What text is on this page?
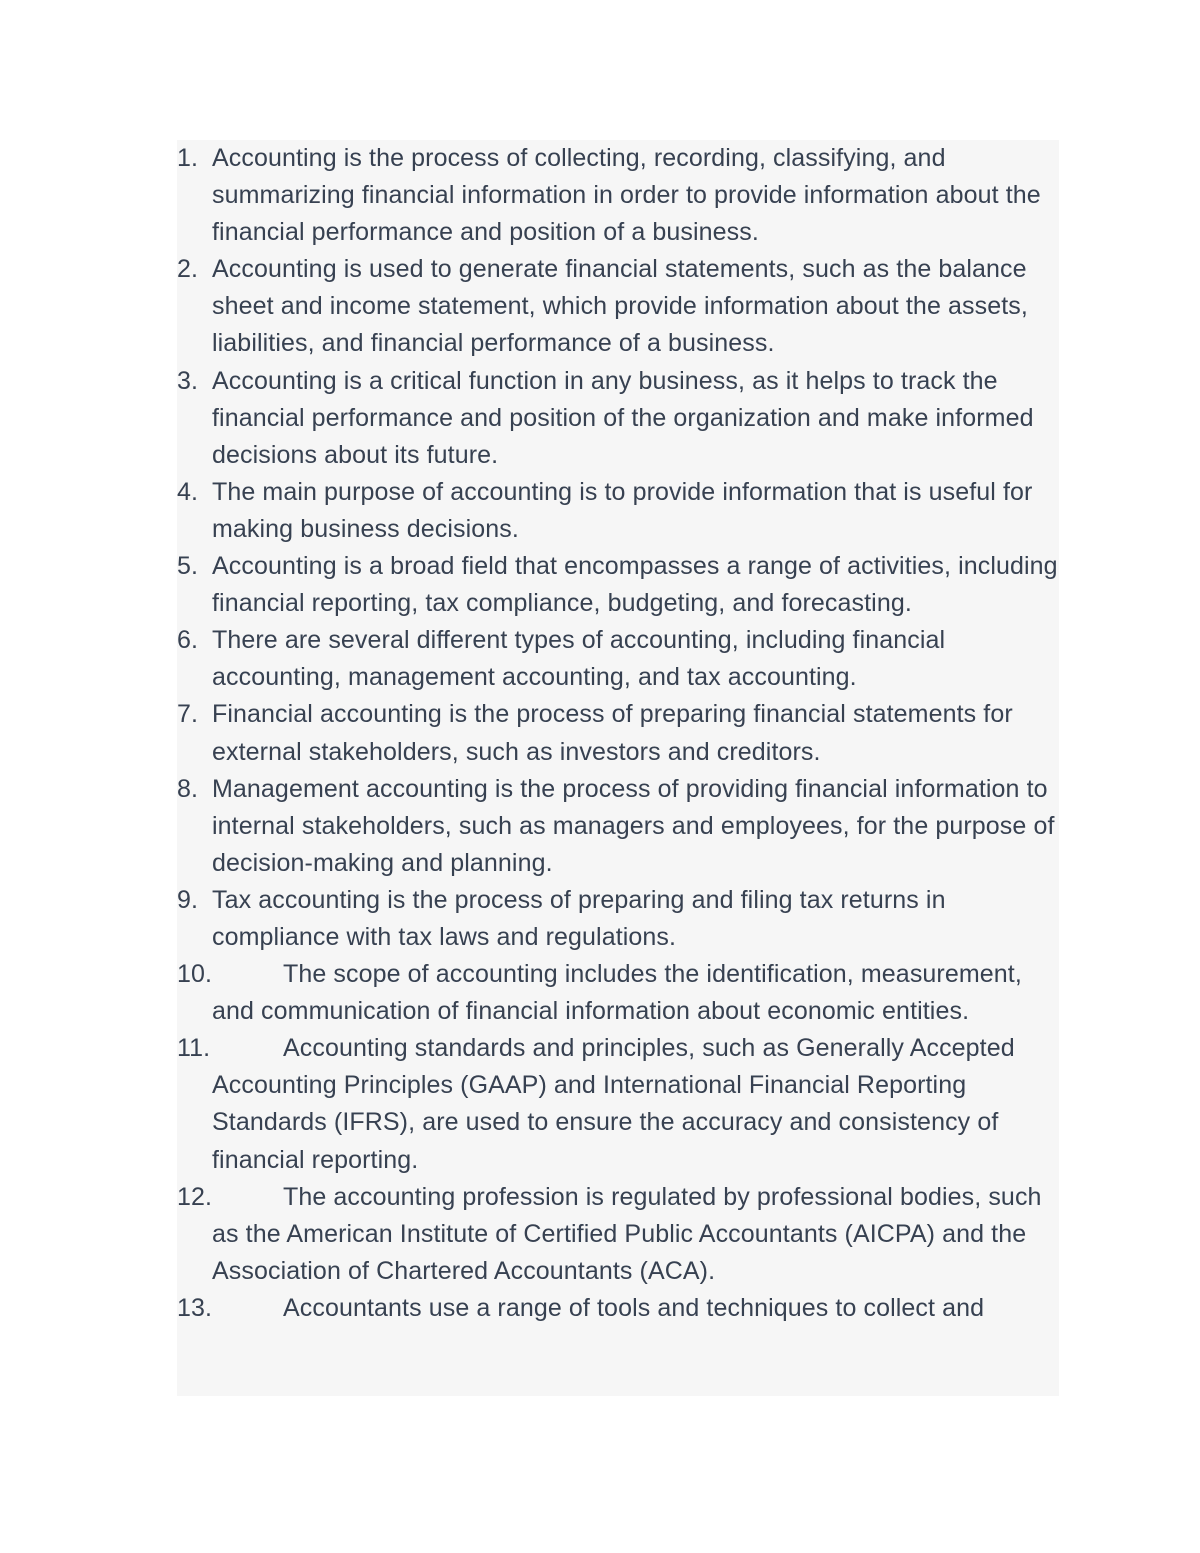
1. Accounting is the process of collecting, recording, classifying, and summarizing financial information in order to provide information about the financial performance and position of a business.
2. Accounting is used to generate financial statements, such as the balance sheet and income statement, which provide information about the assets, liabilities, and financial performance of a business.
3. Accounting is a critical function in any business, as it helps to track the financial performance and position of the organization and make informed decisions about its future.
4. The main purpose of accounting is to provide information that is useful for making business decisions.
5. Accounting is a broad field that encompasses a range of activities, including financial reporting, tax compliance, budgeting, and forecasting.
6. There are several different types of accounting, including financial accounting, management accounting, and tax accounting.
7. Financial accounting is the process of preparing financial statements for external stakeholders, such as investors and creditors.
8. Management accounting is the process of providing financial information to internal stakeholders, such as managers and employees, for the purpose of decision-making and planning.
9. Tax accounting is the process of preparing and filing tax returns in compliance with tax laws and regulations.
10.	The scope of accounting includes the identification, measurement, and communication of financial information about economic entities.
11.	Accounting standards and principles, such as Generally Accepted Accounting Principles (GAAP) and International Financial Reporting Standards (IFRS), are used to ensure the accuracy and consistency of financial reporting.
12.	The accounting profession is regulated by professional bodies, such as the American Institute of Certified Public Accountants (AICPA) and the Association of Chartered Accountants (ACA).
13.	Accountants use a range of tools and techniques to collect and
